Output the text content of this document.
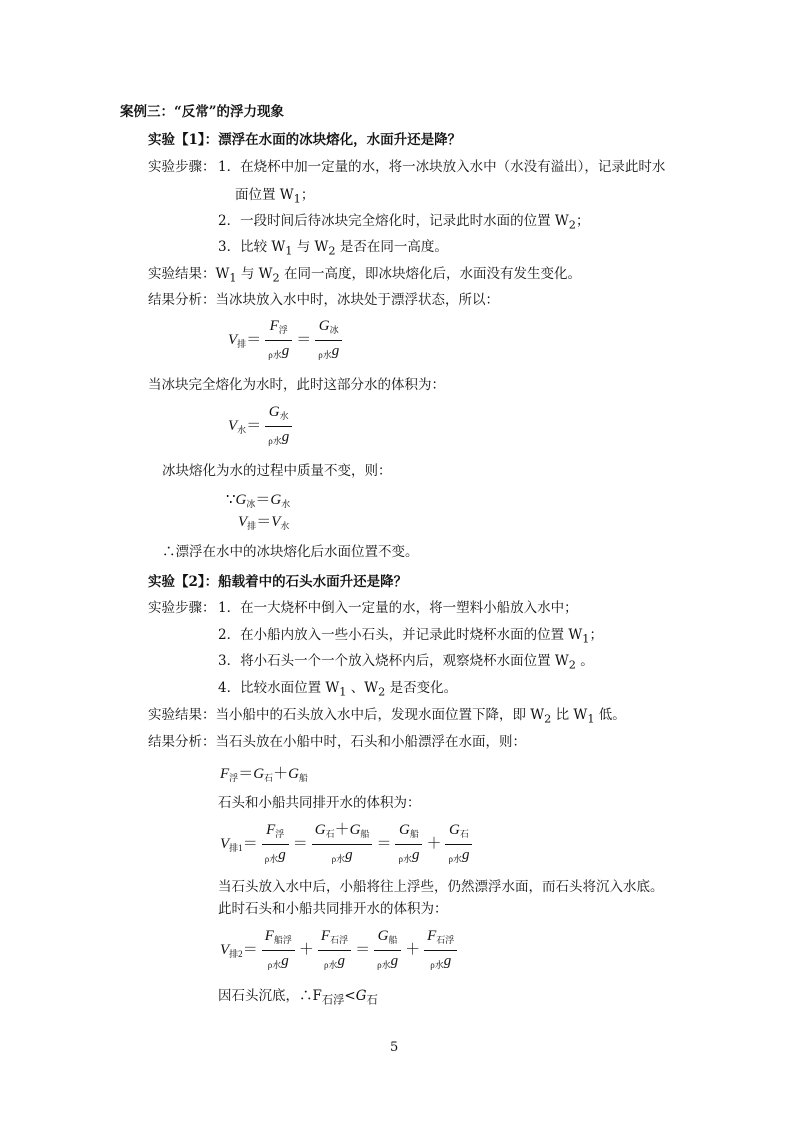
案例三：“反常”的浮力现象
实验【1】：漂浮在水面的冰块熔化，水面升还是降？
实验步骤： 1．在烧杯中加一定量的水，将一冰块放入水中（水没有溢出），记录此时水
面位置 $W_1$；
2．一段时间后待冰块完全熔化时，记录此时水面的位置 $W_2$；
3．比较 $W_1$ 与 $W_2$ 是否在同一高度。
实验结果：$W_1$ 与 $W_2$ 在同一高度，即冰块熔化后，水面没有发生变化。
结果分析：当冰块放入水中时，冰块处于漂浮状态，所以：
$V_排= \frac{F_浮}{_{\rho 水}g} = \frac{G_冰}{_{\rho 水}g}$
当冰块完全熔化为水时，此时这部分水的体积为：
$V_水= \frac{G_水}{_{\rho 水}g}$
冰块熔化为水的过程中质量不变，则：
$\because G_冰=G_水$
$V_排=V_水$
∴漂浮在水中的冰块熔化后水面位置不变。
实验【2】：船载着中的石头水面升还是降？
实验步骤： 1．在一大烧杯中倒入一定量的水，将一塑料小船放入水中；
2．在小船内放入一些小石头，并记录此时烧杯水面的位置 $W_1$；
3．将小石头一个一个放入烧杯内后，观察烧杯水面位置 $W_2$ 。
4．比较水面位置 $W_1$ 、$W_2$ 是否变化。
实验结果：当小船中的石头放入水中后，发现水面位置下降，即 $W_2$ 比 $W_1$ 低。
结果分析：当石头放在小船中时，石头和小船漂浮在水面，则：
$F_浮=G_石+G_船$
石头和小船共同排开水的体积为：
$V_{排1}= \frac{F_浮}{_{\rho 水}g} = \frac{G_石+G_船}{_{\rho 水}g} = \frac{G_船}{_{\rho 水}g} + \frac{G_石}{_{\rho 水}g}$
当石头放入水中后，小船将往上浮些，仍然漂浮水面，而石头将沉入水底。
此时石头和小船共同排开水的体积为：
$V_{排2}= \frac{F_{船浮}}{_{\rho 水}g} + \frac{F_{石浮}}{_{\rho 水}g} = \frac{G_船}{_{\rho 水}g} + \frac{F_{石浮}}{_{\rho 水}g}$
因石头沉底，$\therefore F_{石浮}<G_石$
5
